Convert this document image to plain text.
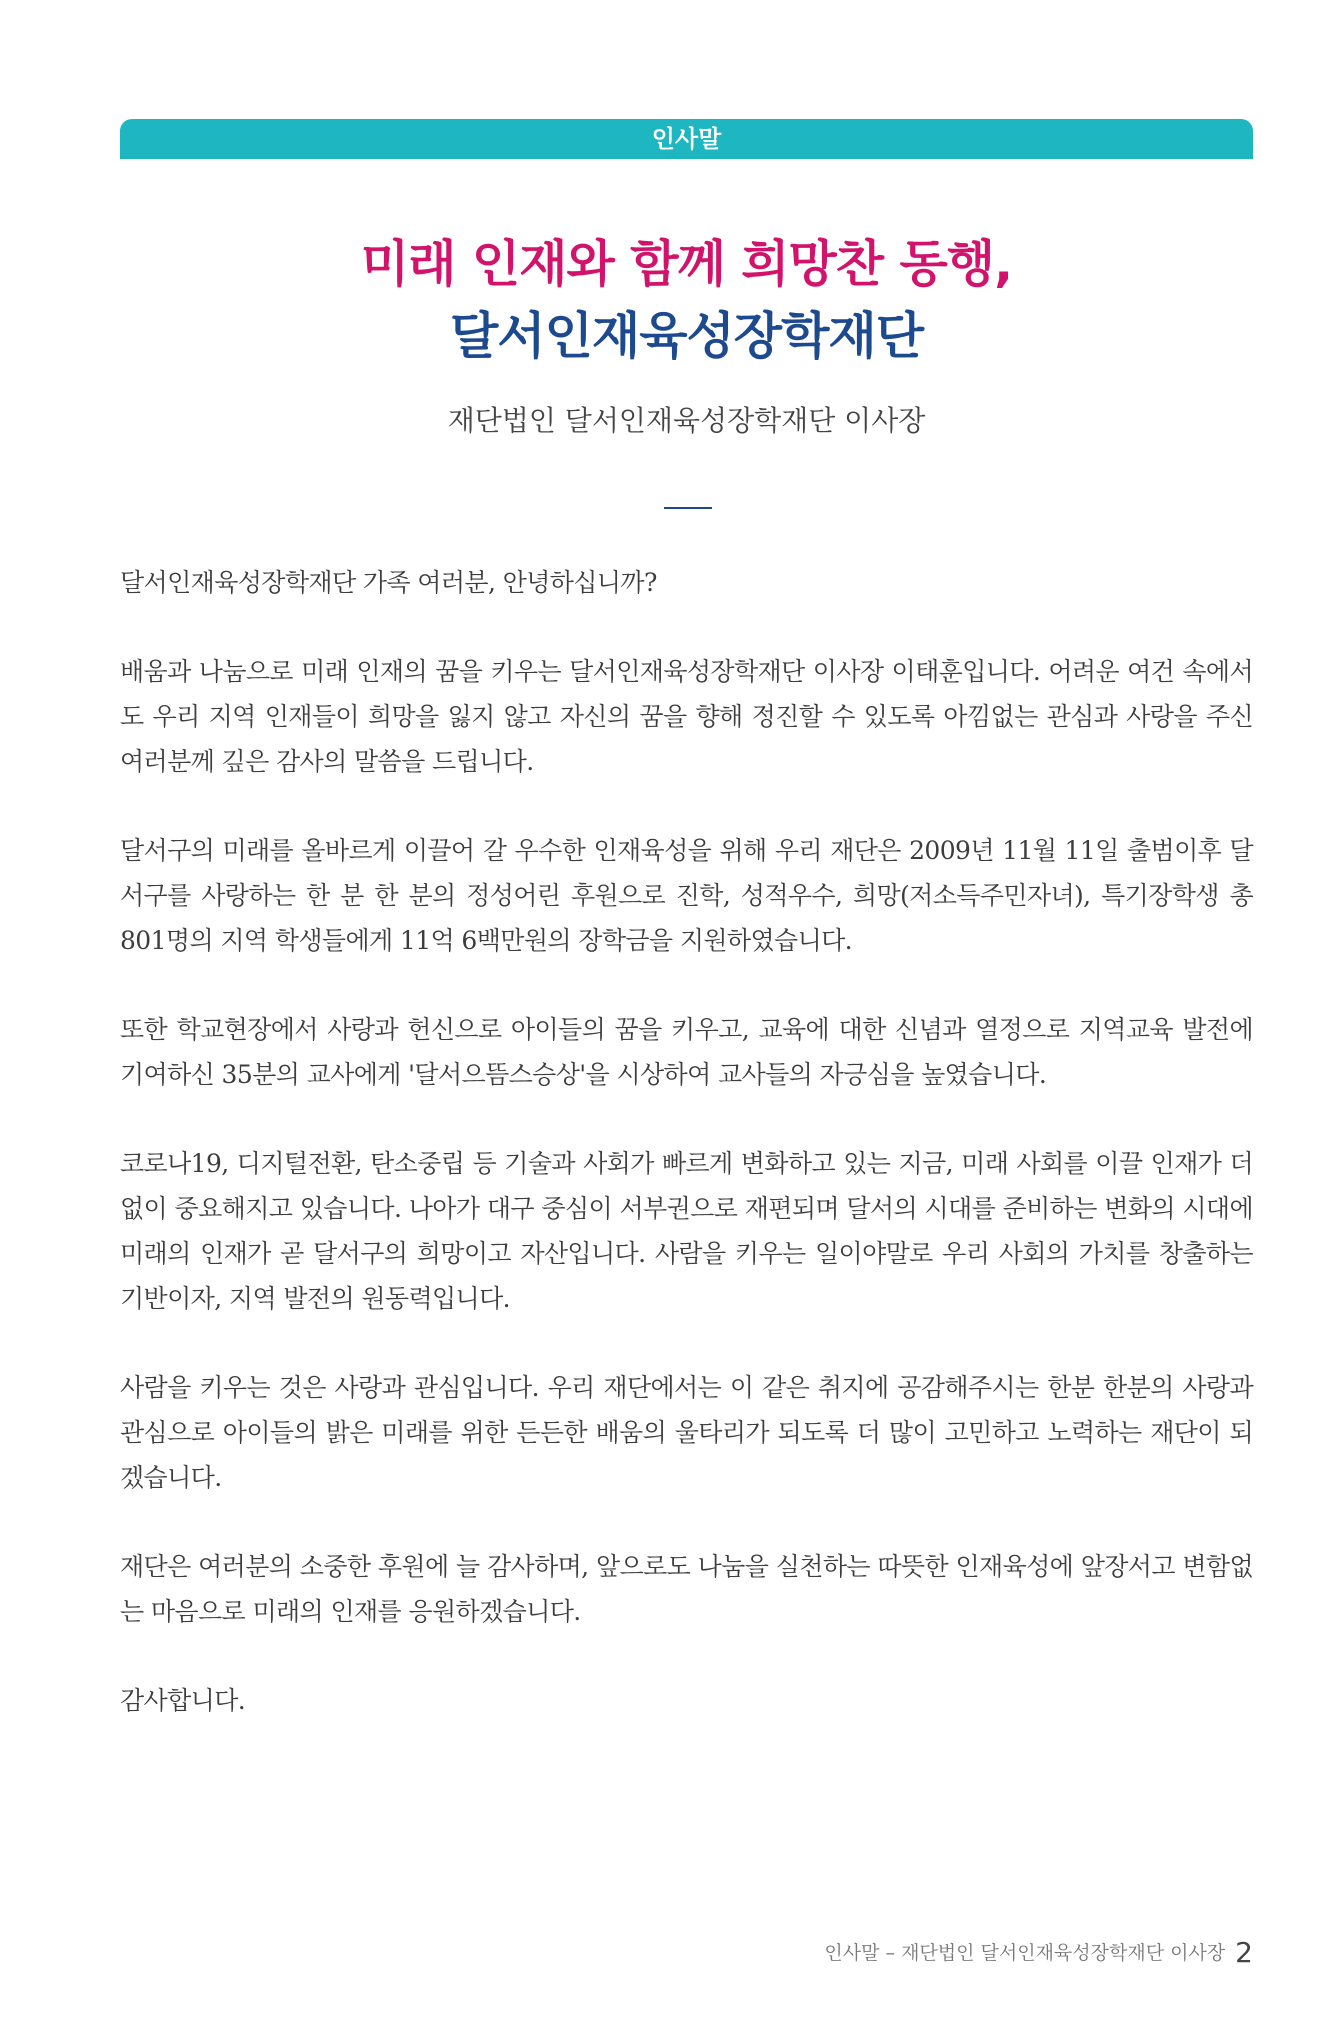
인사말
미래 인재와 함께 희망찬 동행,
달서인재육성장학재단
재단법인 달서인재육성장학재단 이사장

달서인재육성장학재단 가족 여러분, 안녕하십니까?

배움과 나눔으로 미래 인재의 꿈을 키우는 달서인재육성장학재단 이사장 이태훈입니다. 어려운 여건 속에서도 우리 지역 인재들이 희망을 잃지 않고 자신의 꿈을 향해 정진할 수 있도록 아낌없는 관심과 사랑을 주신 여러분께 깊은 감사의 말씀을 드립니다.

달서구의 미래를 올바르게 이끌어 갈 우수한 인재육성을 위해 우리 재단은 2009년 11월 11일 출범이후 달서구를 사랑하는 한 분 한 분의 정성어린 후원으로 진학, 성적우수, 희망(저소득주민자녀), 특기장학생 총 801명의 지역 학생들에게 11억 6백만원의 장학금을 지원하였습니다.

또한 학교현장에서 사랑과 헌신으로 아이들의 꿈을 키우고, 교육에 대한 신념과 열정으로 지역교육 발전에 기여하신 35분의 교사에게 '달서으뜸스승상'을 시상하여 교사들의 자긍심을 높였습니다.

코로나19, 디지털전환, 탄소중립 등 기술과 사회가 빠르게 변화하고 있는 지금, 미래 사회를 이끌 인재가 더 없이 중요해지고 있습니다. 나아가 대구 중심이 서부권으로 재편되며 달서의 시대를 준비하는 변화의 시대에 미래의 인재가 곧 달서구의 희망이고 자산입니다. 사람을 키우는 일이야말로 우리 사회의 가치를 창출하는 기반이자, 지역 발전의 원동력입니다.

사람을 키우는 것은 사랑과 관심입니다. 우리 재단에서는 이 같은 취지에 공감해주시는 한분 한분의 사랑과 관심으로 아이들의 밝은 미래를 위한 든든한 배움의 울타리가 되도록 더 많이 고민하고 노력하는 재단이 되겠습니다.

재단은 여러분의 소중한 후원에 늘 감사하며, 앞으로도 나눔을 실천하는 따뜻한 인재육성에 앞장서고 변함없는 마음으로 미래의 인재를 응원하겠습니다.

감사합니다.

인사말 – 재단법인 달서인재육성장학재단 이사장 2
